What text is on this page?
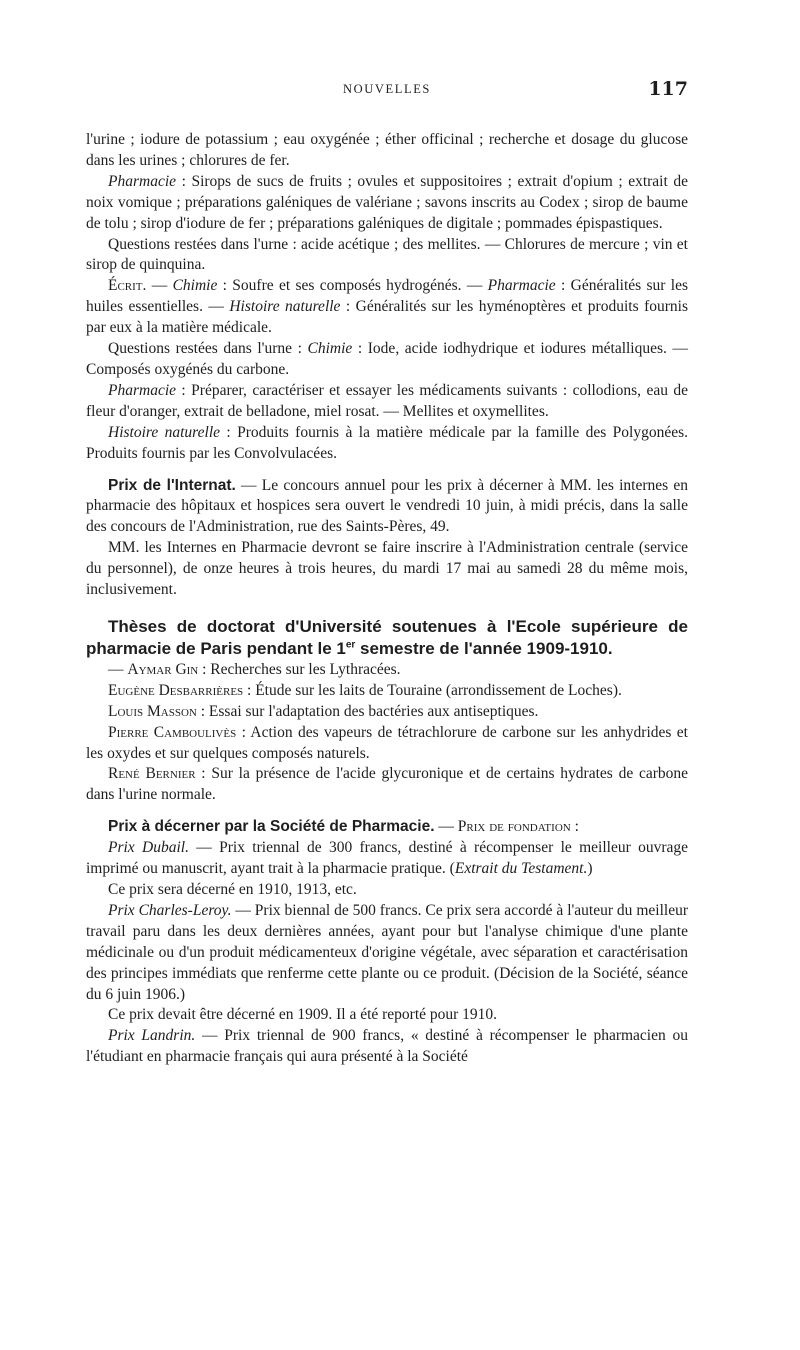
NOUVELLES	117

l'urine ; iodure de potassium ; eau oxygénée ; éther officinal ; recherche et dosage du glucose dans les urines ; chlorures de fer.

Pharmacie : Sirops de sucs de fruits ; ovules et suppositoires ; extrait d'opium ; extrait de noix vomique ; préparations galéniques de valériane ; savons inscrits au Codex ; sirop de baume de tolu ; sirop d'iodure de fer ; préparations galéniques de digitale ; pommades épispastiques.

Questions restées dans l'urne : acide acétique ; des mellites. — Chlorures de mercure ; vin et sirop de quinquina.

Écrit. — Chimie : Soufre et ses composés hydrogénés. — Pharmacie : Généralités sur les huiles essentielles. — Histoire naturelle : Généralités sur les hyménoptères et produits fournis par eux à la matière médicale.

Questions restées dans l'urne : Chimie : Iode, acide iodhydrique et iodures métalliques. — Composés oxygénés du carbone.

Pharmacie : Préparer, caractériser et essayer les médicaments suivants : collodions, eau de fleur d'oranger, extrait de belladone, miel rosat. — Mellites et oxymellites.

Histoire naturelle : Produits fournis à la matière médicale par la famille des Polygonées. Produits fournis par les Convolvulacées.

Prix de l'Internat. — Le concours annuel pour les prix à décerner à MM. les internes en pharmacie des hôpitaux et hospices sera ouvert le vendredi 10 juin, à midi précis, dans la salle des concours de l'Administration, rue des Saints-Pères, 49.

MM. les Internes en Pharmacie devront se faire inscrire à l'Administration centrale (service du personnel), de onze heures à trois heures, du mardi 17 mai au samedi 28 du même mois, inclusivement.

Thèses de doctorat d'Université soutenues à l'Ecole supérieure de pharmacie de Paris pendant le 1er semestre de l'année 1909-1910.

— Aymar Gin : Recherches sur les Lythracées.

Eugène Desbarrières : Étude sur les laits de Touraine (arrondissement de Loches).

Louis Masson : Essai sur l'adaptation des bactéries aux antiseptiques.

Pierre Camboulivès : Action des vapeurs de tétrachlorure de carbone sur les anhydrides et les oxydes et sur quelques composés naturels.

René Bernier : Sur la présence de l'acide glycuronique et de certains hydrates de carbone dans l'urine normale.

Prix à décerner par la Société de Pharmacie. — Prix de fondation :

Prix Dubail. — Prix triennal de 300 francs, destiné à récompenser le meilleur ouvrage imprimé ou manuscrit, ayant trait à la pharmacie pratique. (Extrait du Testament.)

Ce prix sera décerné en 1910, 1913, etc.

Prix Charles-Leroy. — Prix biennal de 500 francs. Ce prix sera accordé à l'auteur du meilleur travail paru dans les deux dernières années, ayant pour but l'analyse chimique d'une plante médicinale ou d'un produit médicamenteux d'origine végétale, avec séparation et caractérisation des principes immédiats que renferme cette plante ou ce produit. (Décision de la Société, séance du 6 juin 1906.)

Ce prix devait être décerné en 1909. Il a été reporté pour 1910.

Prix Landrin. — Prix triennal de 900 francs, « destiné à récompenser le pharmacien ou l'étudiant en pharmacie français qui aura présenté à la Société
